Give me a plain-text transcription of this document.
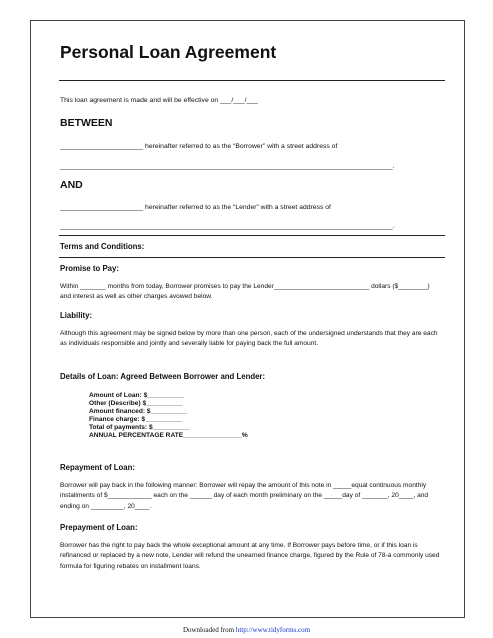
Personal Loan Agreement
This loan agreement is made and will be effective on ___/___/___
BETWEEN
______________________ hereinafter referred to as the “Borrower” with a street address of
________________________________________________________________________________________.
AND
______________________ hereinafter referred to as the “Lender” with a street address of
________________________________________________________________________________________.
Terms and Conditions:
Promise to Pay:
Within _______ months from today, Borrower promises to pay the Lender__________________________ dollars ($________) and interest as well as other charges avowed below.
Liability:
Although this agreement may be signed below by more than one person, each of the undersigned understands that they are each as individuals responsible and jointly and severally liable for paying back the full amount.
Details of Loan: Agreed Between Borrower and Lender:
Amount of Loan: $__________
Other (Describe) $__________
Amount financed: $__________
Finance charge: $__________
Total of payments: $__________
ANNUAL PERCENTAGE RATE________________%
Repayment of Loan:
Borrower will pay back in the following manner: Borrower will repay the amount of this note in _____equal continuous monthly installments of $____________ each on the ______ day of each month preliminary on the _____day of _______, 20____, and ending on _________, 20____.
Prepayment of Loan:
Borrower has the right to pay back the whole exceptional amount at any time. If Borrower pays before time, or if this loan is refinanced or replaced by a new note, Lender will refund the unearned finance charge, figured by the Rule of 78-a commonly used formula for figuring rebates on installment loans.
Downloaded from http://www.tidyforms.com
